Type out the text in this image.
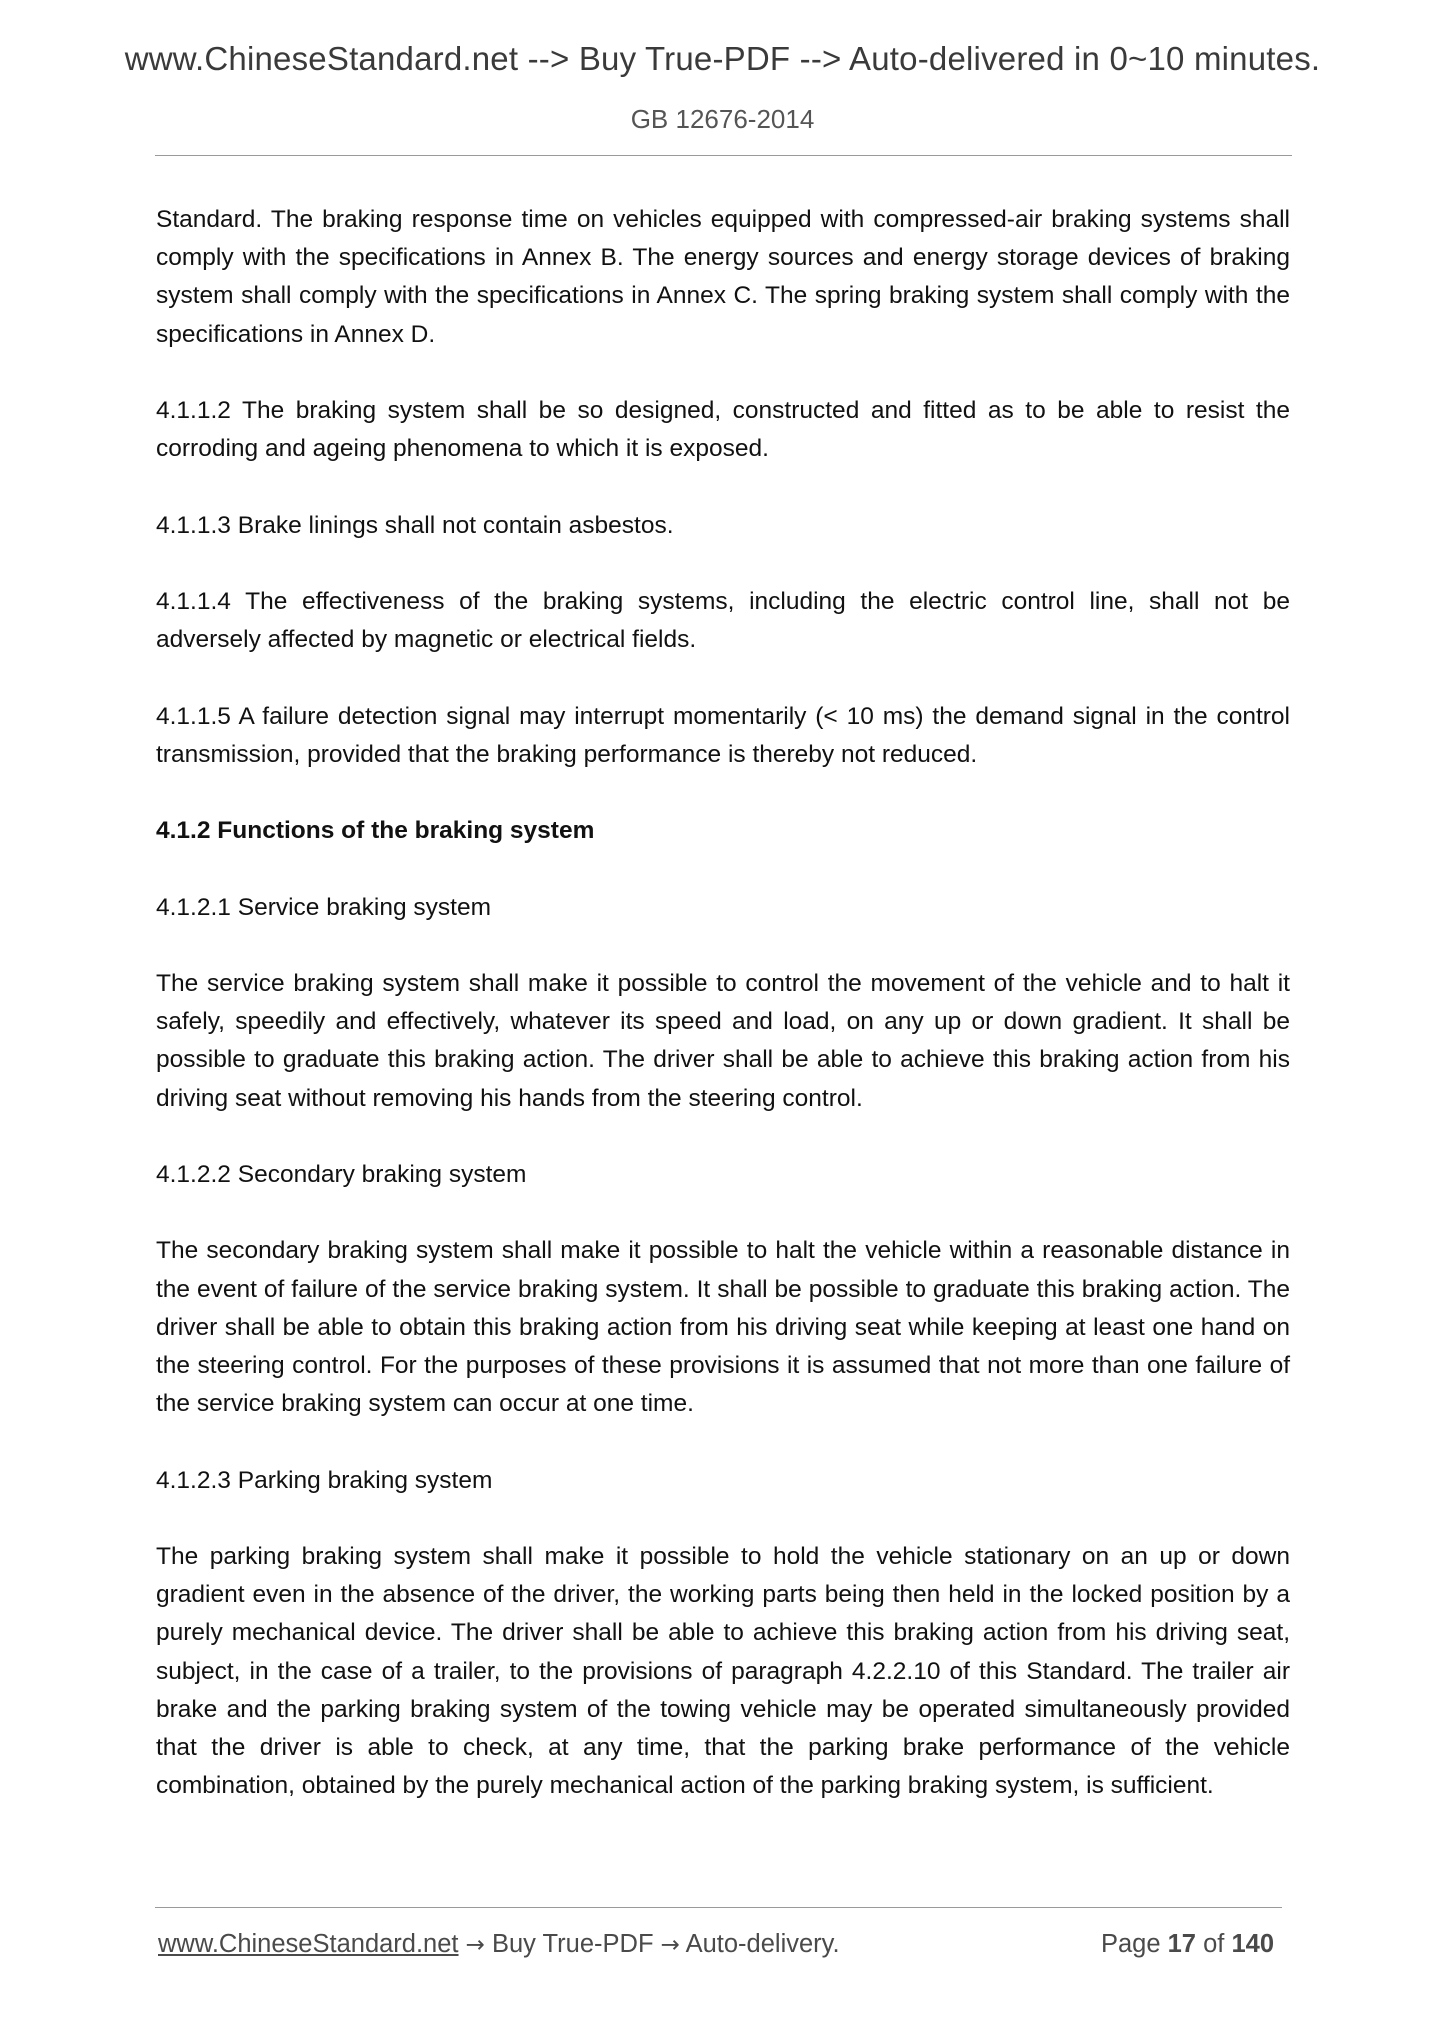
www.ChineseStandard.net --> Buy True-PDF --> Auto-delivered in 0~10 minutes.
GB 12676-2014

Standard. The braking response time on vehicles equipped with compressed-air braking systems shall comply with the specifications in Annex B. The energy sources and energy storage devices of braking system shall comply with the specifications in Annex C. The spring braking system shall comply with the specifications in Annex D.

4.1.1.2 The braking system shall be so designed, constructed and fitted as to be able to resist the corroding and ageing phenomena to which it is exposed.

4.1.1.3 Brake linings shall not contain asbestos.

4.1.1.4 The effectiveness of the braking systems, including the electric control line, shall not be adversely affected by magnetic or electrical fields.

4.1.1.5 A failure detection signal may interrupt momentarily (< 10 ms) the demand signal in the control transmission, provided that the braking performance is thereby not reduced.

4.1.2 Functions of the braking system

4.1.2.1 Service braking system

The service braking system shall make it possible to control the movement of the vehicle and to halt it safely, speedily and effectively, whatever its speed and load, on any up or down gradient. It shall be possible to graduate this braking action. The driver shall be able to achieve this braking action from his driving seat without removing his hands from the steering control.

4.1.2.2 Secondary braking system

The secondary braking system shall make it possible to halt the vehicle within a reasonable distance in the event of failure of the service braking system. It shall be possible to graduate this braking action. The driver shall be able to obtain this braking action from his driving seat while keeping at least one hand on the steering control. For the purposes of these provisions it is assumed that not more than one failure of the service braking system can occur at one time.

4.1.2.3 Parking braking system

The parking braking system shall make it possible to hold the vehicle stationary on an up or down gradient even in the absence of the driver, the working parts being then held in the locked position by a purely mechanical device. The driver shall be able to achieve this braking action from his driving seat, subject, in the case of a trailer, to the provisions of paragraph 4.2.2.10 of this Standard. The trailer air brake and the parking braking system of the towing vehicle may be operated simultaneously provided that the driver is able to check, at any time, that the parking brake performance of the vehicle combination, obtained by the purely mechanical action of the parking braking system, is sufficient.

www.ChineseStandard.net → Buy True-PDF → Auto-delivery.	Page 17 of 140
